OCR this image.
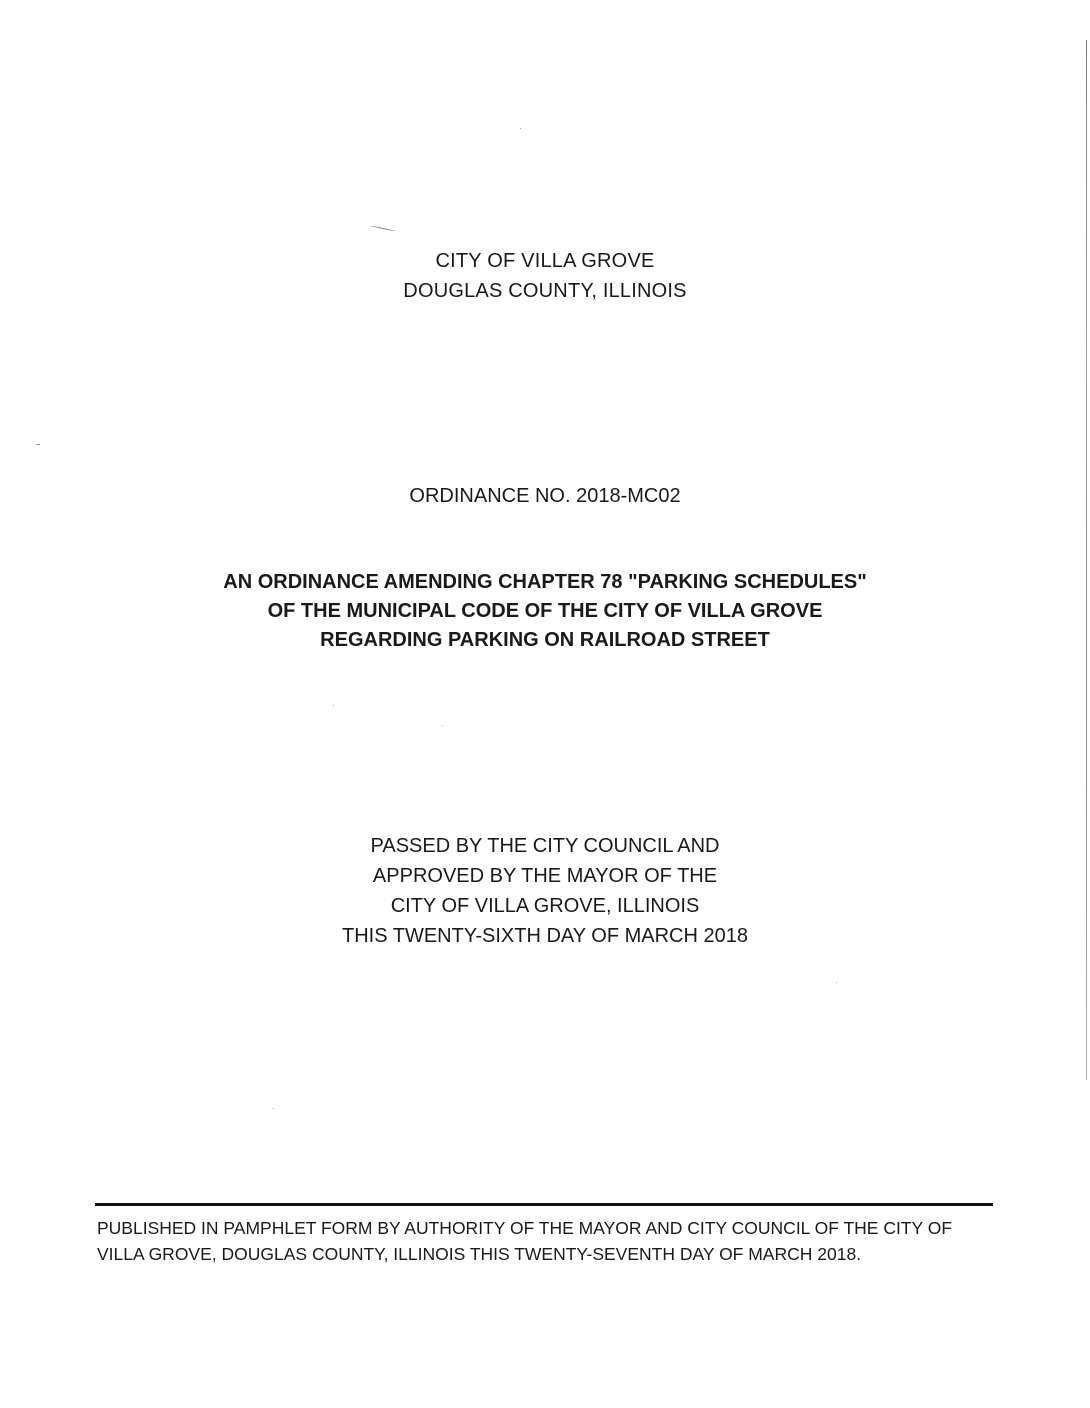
CITY OF VILLA GROVE
DOUGLAS COUNTY, ILLINOIS
ORDINANCE NO. 2018-MC02
AN ORDINANCE AMENDING CHAPTER 78 "PARKING SCHEDULES"
OF THE MUNICIPAL CODE OF THE CITY OF VILLA GROVE
REGARDING PARKING ON RAILROAD STREET
PASSED BY THE CITY COUNCIL AND
APPROVED BY THE MAYOR OF THE
CITY OF VILLA GROVE, ILLINOIS
THIS TWENTY-SIXTH DAY OF MARCH 2018
PUBLISHED IN PAMPHLET FORM BY AUTHORITY OF THE MAYOR AND CITY COUNCIL OF THE CITY OF
VILLA GROVE, DOUGLAS COUNTY, ILLINOIS THIS TWENTY-SEVENTH DAY OF MARCH 2018.
